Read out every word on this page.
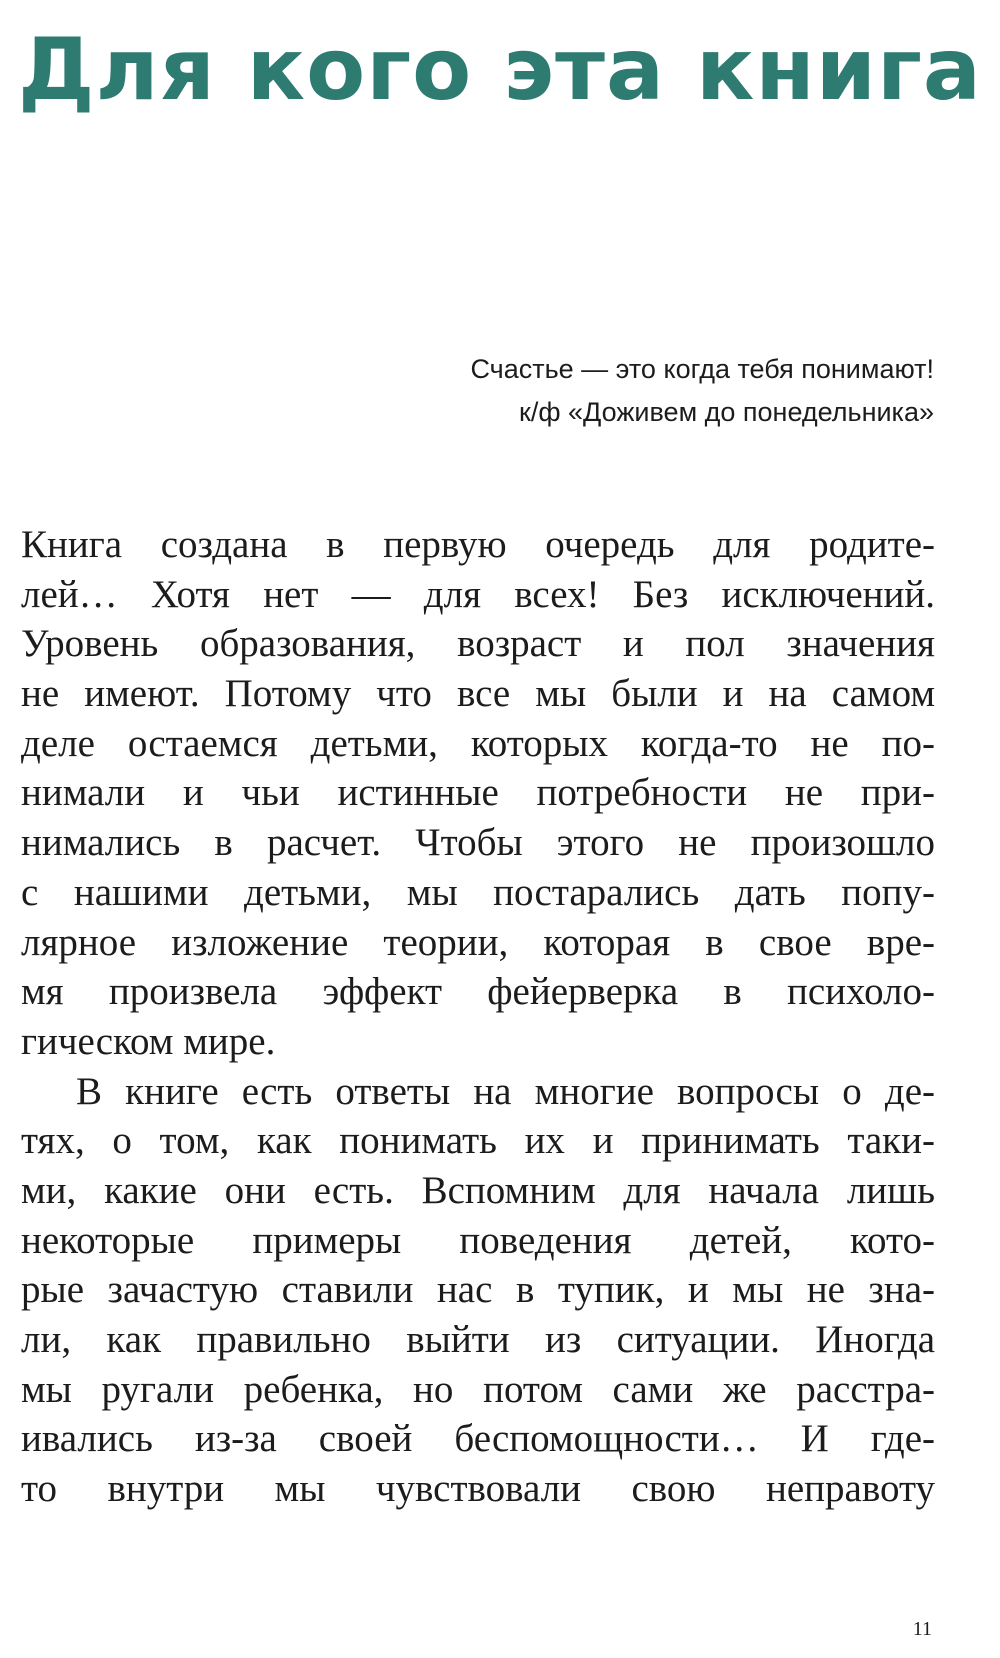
Для кого эта книга
Счастье — это когда тебя понимают!
к/ф «Доживем до понедельника»
Книга создана в первую очередь для родите-
лей… Хотя нет — для всех! Без исключений.
Уровень образования, возраст и пол значения
не имеют. Потому что все мы были и на самом
деле остаемся детьми, которых когда-то не по-
нимали и чьи истинные потребности не при-
нимались в расчет. Чтобы этого не произошло
с нашими детьми, мы постарались дать попу-
лярное изложение теории, которая в свое вре-
мя произвела эффект фейерверка в психоло-
гическом мире.
В книге есть ответы на многие вопросы о де-
тях, о том, как понимать их и принимать таки-
ми, какие они есть. Вспомним для начала лишь
некоторые примеры поведения детей, кото-
рые зачастую ставили нас в тупик, и мы не зна-
ли, как правильно выйти из ситуации. Иногда
мы ругали ребенка, но потом сами же расстра-
ивались из-за своей беспомощности… И где-
то внутри мы чувствовали свою неправоту
11
